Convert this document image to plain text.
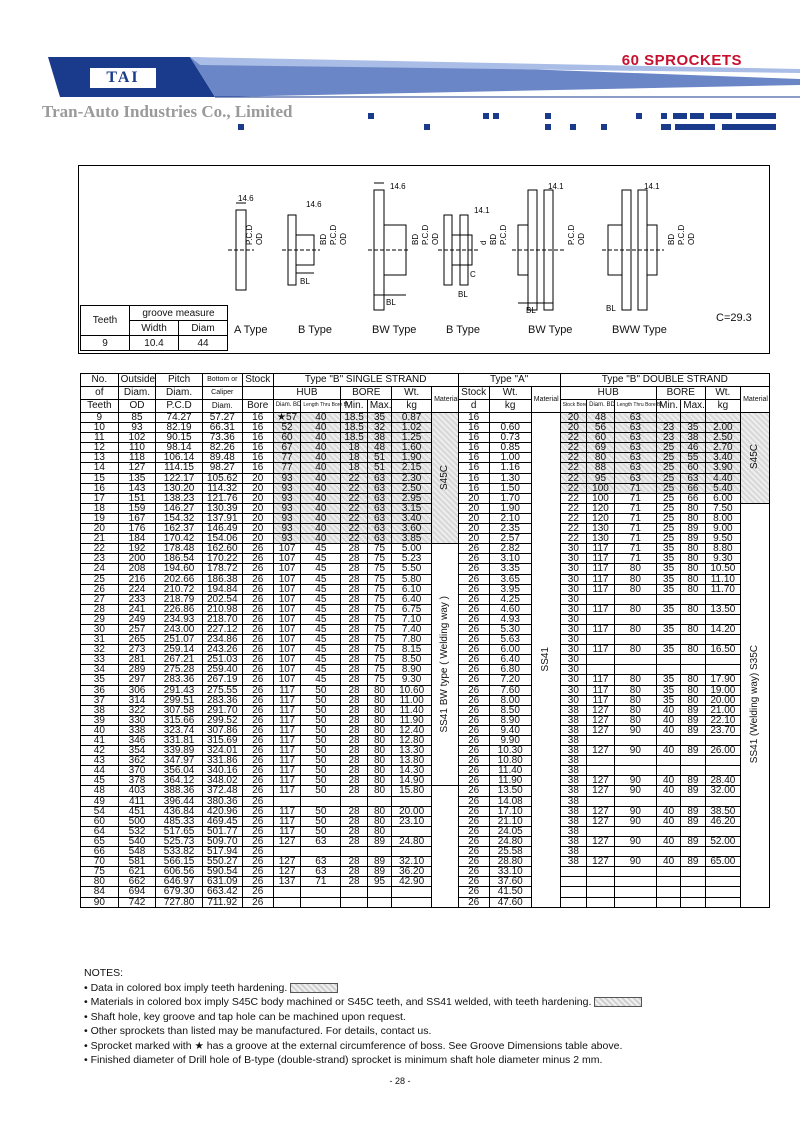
TAI
60 SPROCKETS
Tran-Auto Industries Co., Limited
14.6
14.6
14.6
14.1
14.1	14.1
BL
BL
BL
BL	BL
C
P.C.D OD	BD P.C.D OD	BD P.C.D OD	d BD P.C.D	P.C.D OD	BD P.C.D OD
A Type	B Type	BW Type	B Type	BW Type	BWW Type
C=29.3
Teeth	groove measure	
	Width	Diam
9	10.4	44
No.	Outside	Pitch	Bottom or	Stock	Type "B" SINGLE STRAND						Type "A"			Type "B" DOUBLE STRAND						
of	Diam.	Diam.	Caliper		HUB		BORE		Wt.	Material	Stock	Wt.	Material	HUB			BORE		Wt.	Material
Teeth	OD	P.C.D	Diam.	Bore	Diam. BD	Length Thru Bore BL	Min.	Max.	kg		d	kg		Stock Bore	Diam. BD	Length Thru Bore BL	Min.	Max.	kg	
9	85	74.27	57.27	16	★57	40	18.5	35	0.87	S45C	16		SS41	20	48	63				S45C
10	93	82.19	66.31	16	52	40	18.5	32	1.02		16	0.60		20	56	63	23	35	2.00	
11	102	90.15	73.36	16	60	40	18.5	38	1.25		16	0.73		22	60	63	23	38	2.50	
12	110	98.14	82.26	16	67	40	18	48	1.60		16	0.85		22	69	63	25	46	2.70	
13	118	106.14	89.48	16	77	40	18	51	1.90		16	1.00		22	80	63	25	55	3.40	
14	127	114.15	98.27	16	77	40	18	51	2.15		16	1.16		22	88	63	25	60	3.90	
15	135	122.17	105.62	20	93	40	22	63	2.30		16	1.30		22	95	63	25	63	4.40	
16	143	130.20	114.32	20	93	40	22	63	2.50		16	1.50		22	100	71	25	66	5.40	
17	151	138.23	121.76	20	93	40	22	63	2.95		20	1.70		22	100	71	25	66	6.00	
18	159	146.27	130.39	20	93	40	22	63	3.15		20	1.90		22	120	71	25	80	7.50	SS41 (Welding way) S35C
19	167	154.32	137.91	20	93	40	22	63	3.40		20	2.10		22	120	71	25	80	8.00	
20	176	162.37	146.49	20	93	40	22	63	3.60		20	2.35		22	130	71	25	89	9.00	
21	184	170.42	154.06	20	93	40	22	63	3.85		20	2.57		22	130	71	25	89	9.50	
22	192	178.48	162.60	26	107	45	28	75	5.00	SS41 BW type ( Welding way )	26	2.82		30	117	71	35	80	8.80	
23	200	186.54	170.22	26	107	45	28	75	5.23		26	3.10		30	117	71	35	80	9.30	
24	208	194.60	178.72	26	107	45	28	75	5.50		26	3.35		30	117	80	35	80	10.50	
25	216	202.66	186.38	26	107	45	28	75	5.80		26	3.65		30	117	80	35	80	11.10	
26	224	210.72	194.84	26	107	45	28	75	6.10		26	3.95		30	117	80	35	80	11.70	
27	233	218.79	202.54	26	107	45	28	75	6.40		26	4.25		30						
28	241	226.86	210.98	26	107	45	28	75	6.75		26	4.60		30	117	80	35	80	13.50	
29	249	234.93	218.70	26	107	45	28	75	7.10		26	4.93		30						
30	257	243.00	227.12	26	107	45	28	75	7.40		26	5.30		30	117	80	35	80	14.20	
31	265	251.07	234.86	26	107	45	28	75	7.80		26	5.63		30						
32	273	259.14	243.26	26	107	45	28	75	8.15		26	6.00		30	117	80	35	80	16.50	
33	281	267.21	251.03	26	107	45	28	75	8.50		26	6.40		30						
34	289	275.28	259.40	26	107	45	28	75	8.90		26	6.80		30						
35	297	283.36	267.19	26	107	45	28	75	9.30		26	7.20		30	117	80	35	80	17.90	
36	306	291.43	275.55	26	117	50	28	80	10.60		26	7.60		30	117	80	35	80	19.00	
37	314	299.51	283.36	26	117	50	28	80	11.00		26	8.00		30	117	80	35	80	20.00	
38	322	307.58	291.70	26	117	50	28	80	11.40		26	8.50		38	127	80	40	89	21.00	
39	330	315.66	299.52	26	117	50	28	80	11.90		26	8.90		38	127	80	40	89	22.10	
40	338	323.74	307.86	26	117	50	28	80	12.40		26	9.40		38	127	90	40	89	23.70	
41	346	331.81	315.69	26	117	50	28	80	12.80		26	9.90		38						
42	354	339.89	324.01	26	117	50	28	80	13.30		26	10.30		38	127	90	40	89	26.00	
43	362	347.97	331.86	26	117	50	28	80	13.80		26	10.80		38						
44	370	356.04	340.16	26	117	50	28	80	14.30		26	11.40		38						
45	378	364.12	348.02	26	117	50	28	80	14.90		26	11.90		38	127	90	40	89	28.40	
48	403	388.36	372.48	26	117	50	28	80	15.80		26	13.50		38	127	90	40	89	32.00	
49	411	396.44	380.36	26							26	14.08		38						
54	451	436.84	420.96	26	117	50	28	80	20.00		26	17.10		38	127	90	40	89	38.50	
60	500	485.33	469.45	26	117	50	28	80	23.10		26	21.10		38	127	90	40	89	46.20	
64	532	517.65	501.77	26	117	50	28	80			26	24.05		38						
65	540	525.73	509.70	26	127	63	28	89	24.80		26	24.80		38	127	90	40	89	52.00	
66	548	533.82	517.94	26							26	25.58		38						
70	581	566.15	550.27	26	127	63	28	89	32.10		26	28.80		38	127	90	40	89	65.00	
75	621	606.56	590.54	26	127	63	28	89	36.20		26	33.10								
80	662	646.97	631.09	26	137	71	28	95	42.90		26	37.60								
84	694	679.30	663.42	26							26	41.50								
90	742	727.80	711.92	26							26	47.60								
NOTES:
• Data in colored box imply teeth hardening.
• Materials in colored box imply S45C body machined or S45C teeth, and SS41 welded, with teeth hardening.
• Shaft hole, key groove and tap hole can be machined upon request.
• Other sprockets than listed may be manufactured. For details, contact us.
• Sprocket marked with ★ has a groove at the external circumference of boss. See Groove Dimensions table above.
• Finished diameter of Drill hole of B-type (double-strand) sprocket is minimum shaft hole diameter minus 2 mm.
- 28 -
